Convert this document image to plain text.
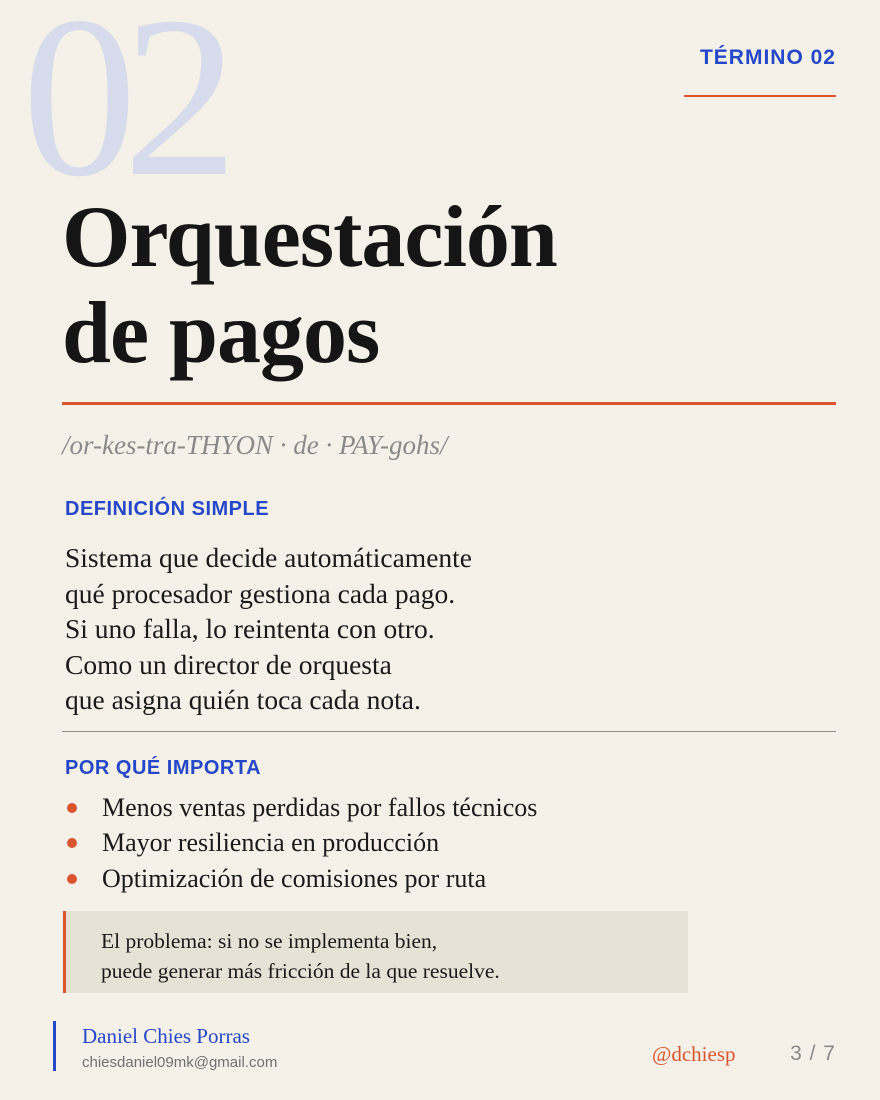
02	TÉRMINO 02
Orquestación
de pagos
/or-kes-tra-THYON · de · PAY-gohs/
DEFINICIÓN SIMPLE
Sistema que decide automáticamente
qué procesador gestiona cada pago.
Si uno falla, lo reintenta con otro.
Como un director de orquesta
que asigna quién toca cada nota.
POR QUÉ IMPORTA
Menos ventas perdidas por fallos técnicos
Mayor resiliencia en producción
Optimización de comisiones por ruta
El problema: si no se implementa bien,
puede generar más fricción de la que resuelve.
Daniel Chies Porras
chiesdaniel09mk@gmail.com	@dchiesp	3 / 7
